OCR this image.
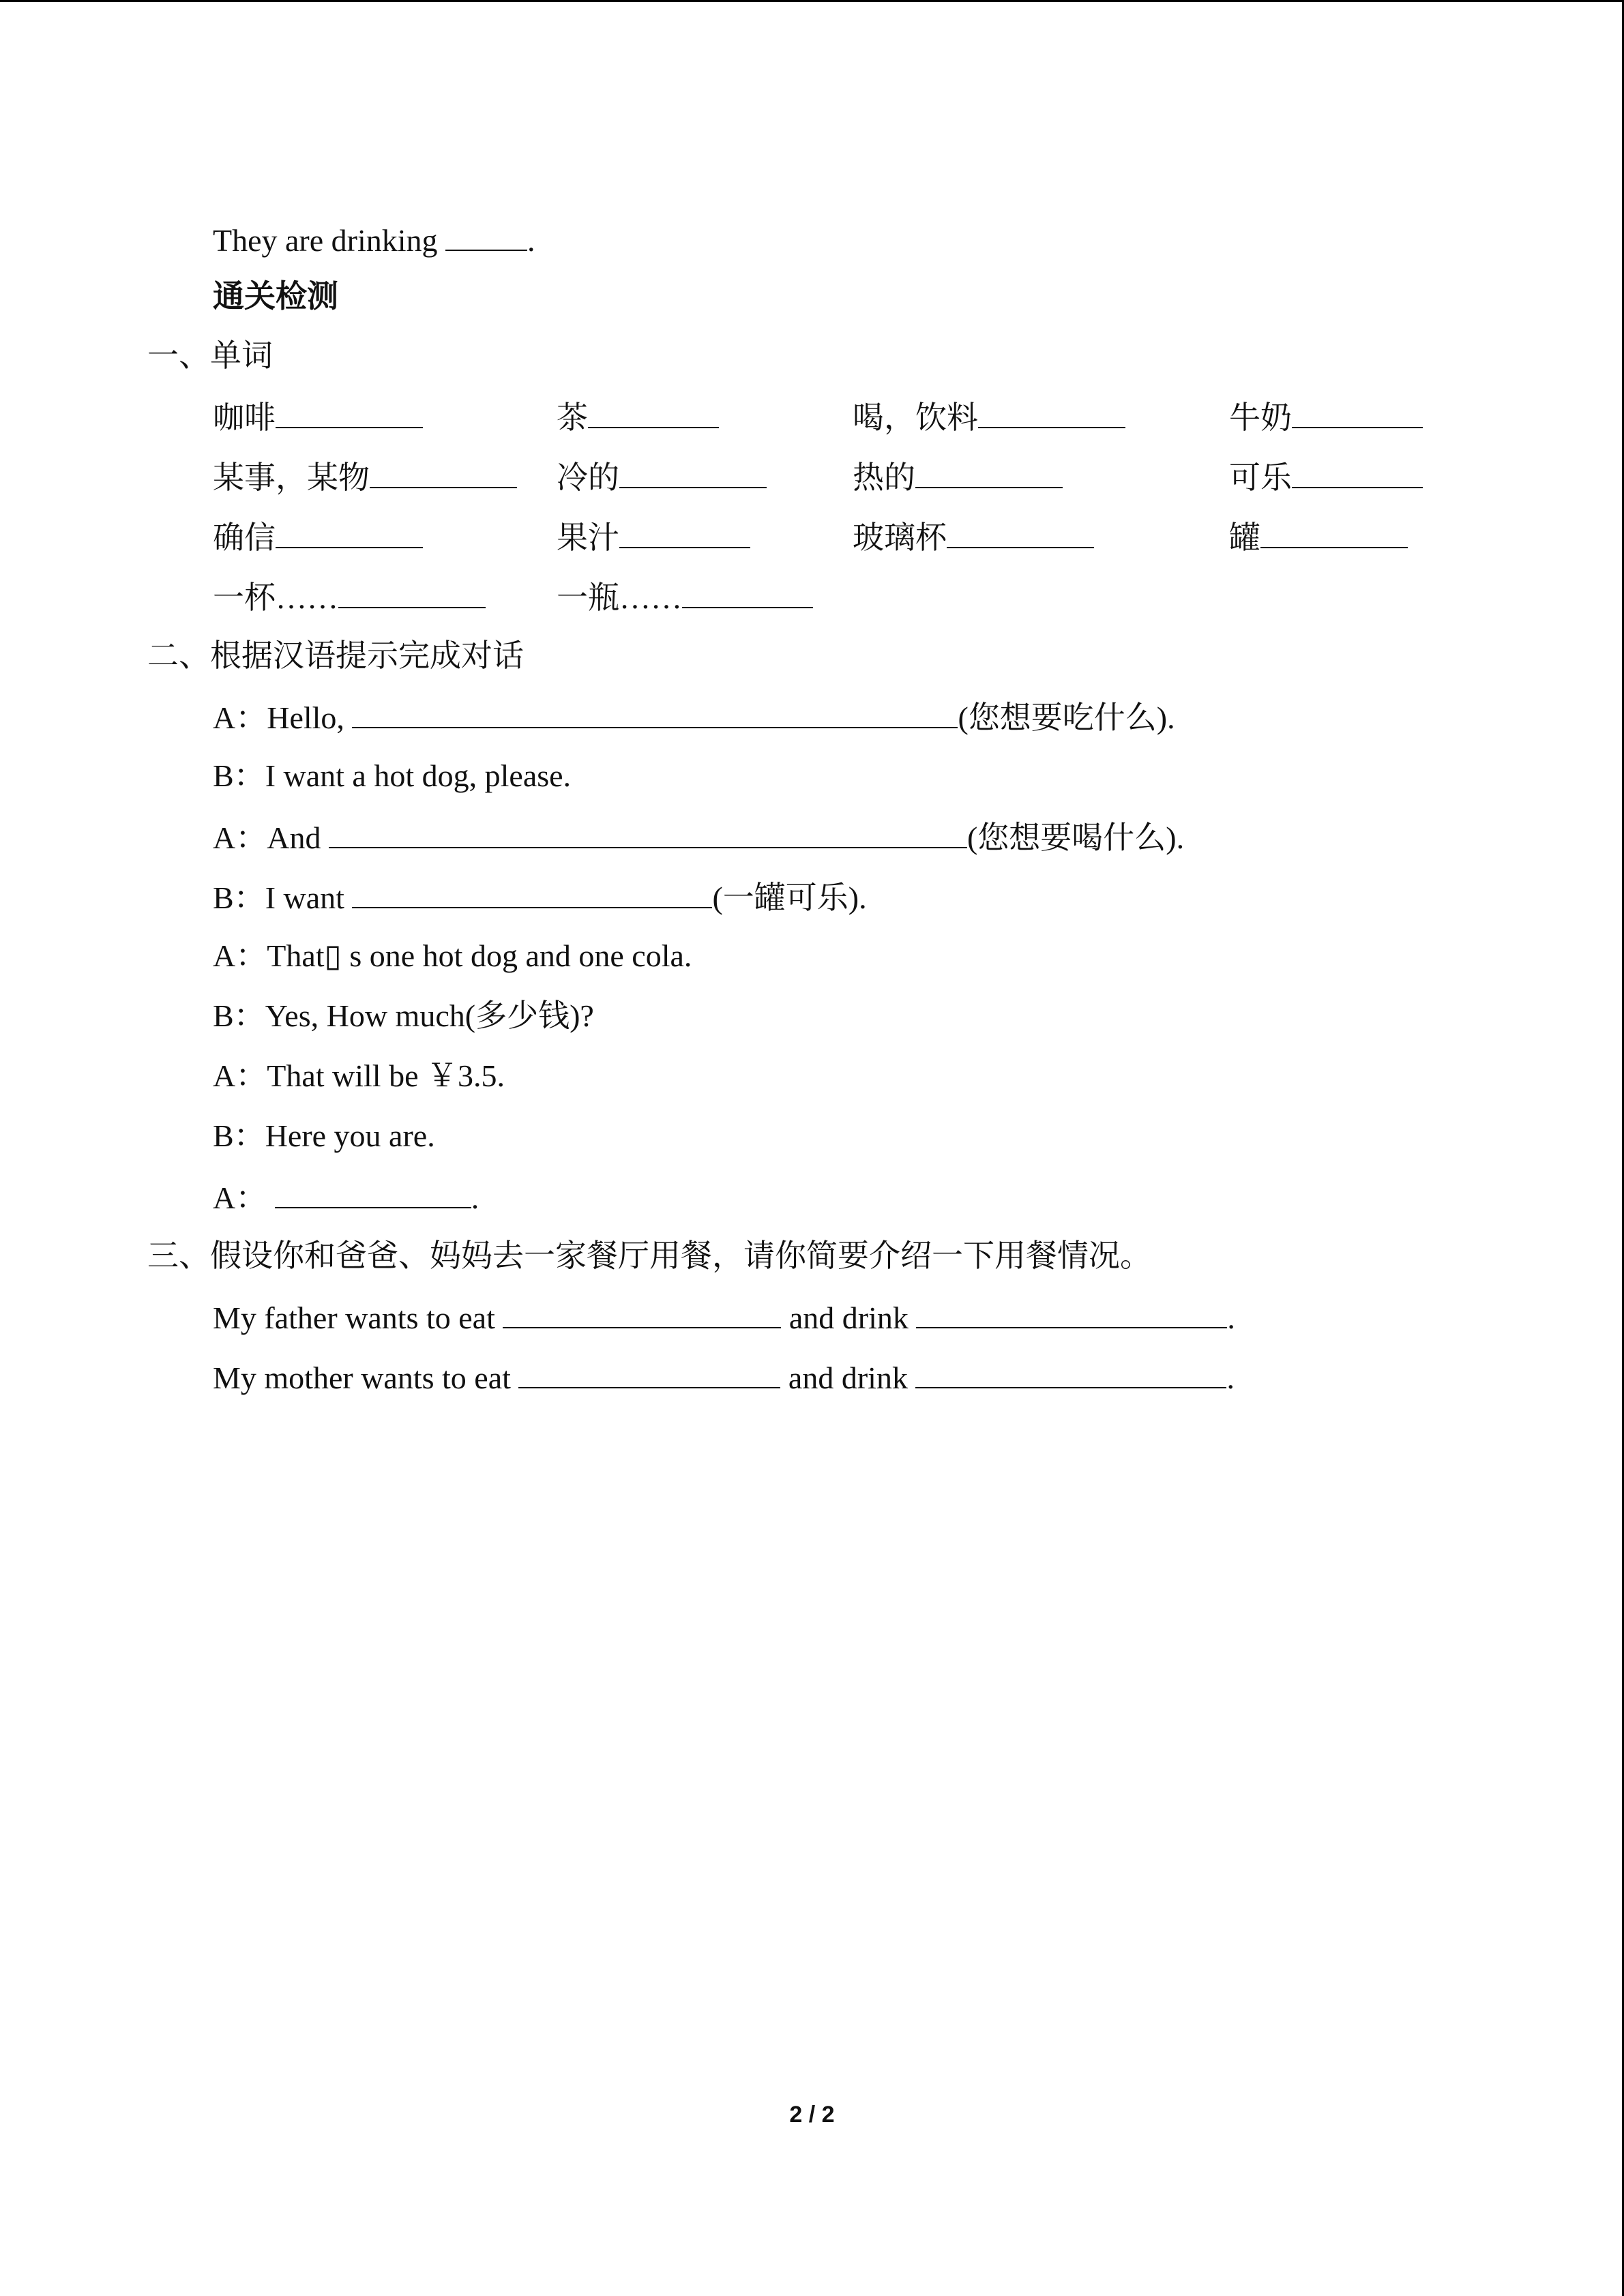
They are drinking	.
通关检测
一、单词
咖啡	茶	喝，饮料	牛奶
某事，某物	冷的	热的	可乐
确信	果汁	玻璃杯	罐
一杯……	一瓶……
二、根据汉语提示完成对话
A：Hello,	(您想要吃什么).
B：I want a hot dog, please.
A：And	(您想要喝什么).
B：I want	(一罐可乐).
A：That▯ s one hot dog and one cola.
B：Yes, How much(多少钱)?
A：That will be ￥3.5.
B：Here you are.
A：	.
三、假设你和爸爸、妈妈去一家餐厅用餐，请你简要介绍一下用餐情况。
My father wants to eat	and drink	.
My mother wants to eat	and drink	.
2 / 2
